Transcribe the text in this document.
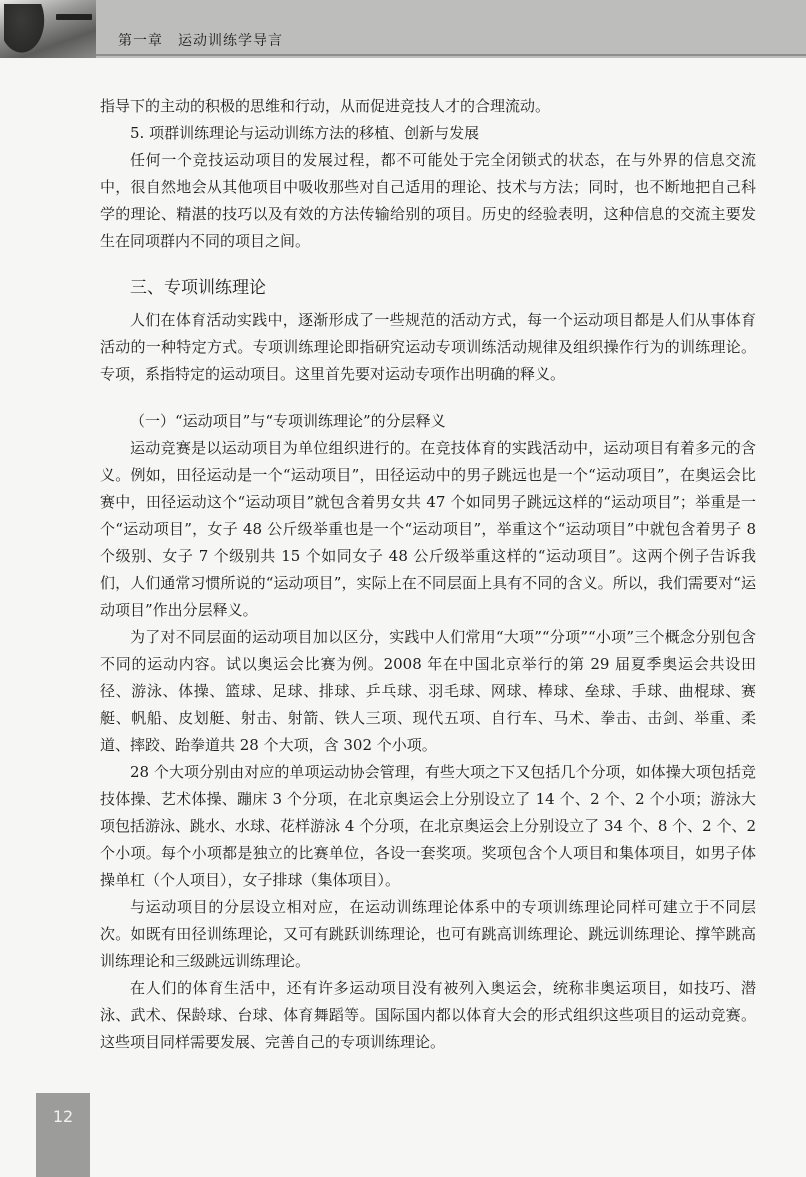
第一章　运动训练学导言

指导下的主动的积极的思维和行动，从而促进竞技人才的合理流动。

5. 项群训练理论与运动训练方法的移植、创新与发展

任何一个竞技运动项目的发展过程，都不可能处于完全闭锁式的状态，在与外界的信息交流中，很自然地会从其他项目中吸收那些对自己适用的理论、技术与方法；同时，也不断地把自己科学的理论、精湛的技巧以及有效的方法传输给别的项目。历史的经验表明，这种信息的交流主要发生在同项群内不同的项目之间。

三、专项训练理论

人们在体育活动实践中，逐渐形成了一些规范的活动方式，每一个运动项目都是人们从事体育活动的一种特定方式。专项训练理论即指研究运动专项训练活动规律及组织操作行为的训练理论。专项，系指特定的运动项目。这里首先要对运动专项作出明确的释义。

（一）“运动项目”与“专项训练理论”的分层释义

运动竞赛是以运动项目为单位组织进行的。在竞技体育的实践活动中，运动项目有着多元的含义。例如，田径运动是一个“运动项目”，田径运动中的男子跳远也是一个“运动项目”，在奥运会比赛中，田径运动这个“运动项目”就包含着男女共 47 个如同男子跳远这样的“运动项目”；举重是一个“运动项目”，女子 48 公斤级举重也是一个“运动项目”，举重这个“运动项目”中就包含着男子 8 个级别、女子 7 个级别共 15 个如同女子 48 公斤级举重这样的“运动项目”。这两个例子告诉我们，人们通常习惯所说的“运动项目”，实际上在不同层面上具有不同的含义。所以，我们需要对“运动项目”作出分层释义。

为了对不同层面的运动项目加以区分，实践中人们常用“大项”“分项”“小项”三个概念分别包含不同的运动内容。试以奥运会比赛为例。2008 年在中国北京举行的第 29 届夏季奥运会共设田径、游泳、体操、篮球、足球、排球、乒乓球、羽毛球、网球、棒球、垒球、手球、曲棍球、赛艇、帆船、皮划艇、射击、射箭、铁人三项、现代五项、自行车、马术、拳击、击剑、举重、柔道、摔跤、跆拳道共 28 个大项，含 302 个小项。

28 个大项分别由对应的单项运动协会管理，有些大项之下又包括几个分项，如体操大项包括竞技体操、艺术体操、蹦床 3 个分项，在北京奥运会上分别设立了 14 个、2 个、2 个小项；游泳大项包括游泳、跳水、水球、花样游泳 4 个分项，在北京奥运会上分别设立了 34 个、8 个、2 个、2 个小项。每个小项都是独立的比赛单位，各设一套奖项。奖项包含个人项目和集体项目，如男子体操单杠（个人项目），女子排球（集体项目）。

与运动项目的分层设立相对应，在运动训练理论体系中的专项训练理论同样可建立于不同层次。如既有田径训练理论，又可有跳跃训练理论，也可有跳高训练理论、跳远训练理论、撑竿跳高训练理论和三级跳远训练理论。

在人们的体育生活中，还有许多运动项目没有被列入奥运会，统称非奥运项目，如技巧、潜泳、武术、保龄球、台球、体育舞蹈等。国际国内都以体育大会的形式组织这些项目的运动竞赛。这些项目同样需要发展、完善自己的专项训练理论。

12
